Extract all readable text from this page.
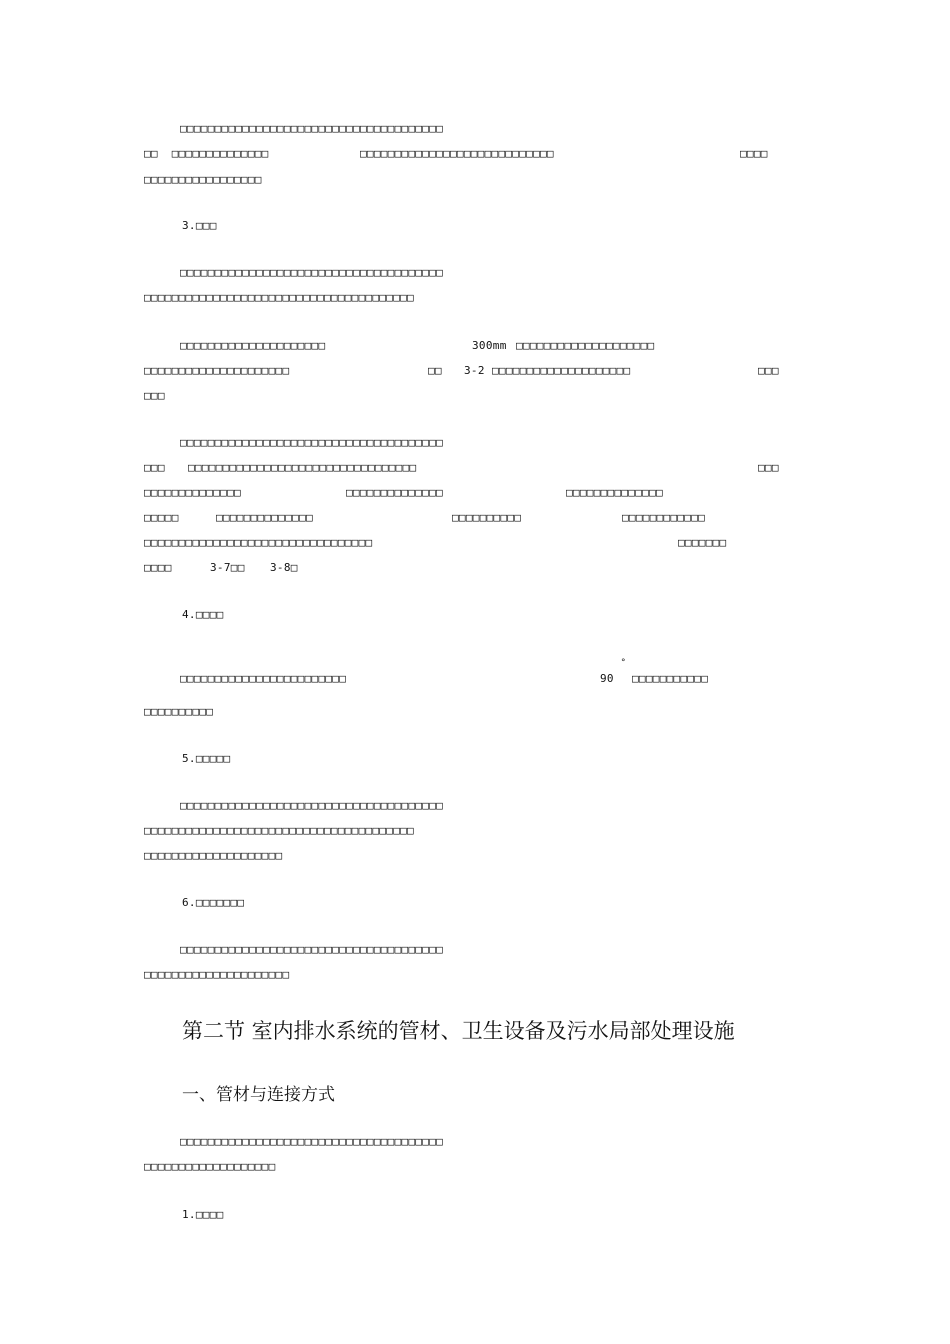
□□□□□□□□□□□□□□□□□□□□□□□□□□□□□□□□□□□□□□
□□  □□□□□□□□□□□□□□	□□□□□□□□□□□□□□□□□□□□□□□□□□□□	□□□□
□□□□□□□□□□□□□□□□□
3.□□□
□□□□□□□□□□□□□□□□□□□□□□□□□□□□□□□□□□□□□□
□□□□□□□□□□□□□□□□□□□□□□□□□□□□□□□□□□□□□□□
□□□□□□□□□□□□□□□□□□□□□	300mm □□□□□□□□□□□□□□□□□□□□
□□□□□□□□□□□□□□□□□□□□□	□□ 3-2 □□□□□□□□□□□□□□□□□□□□	□□□
□□□
□□□□□□□□□□□□□□□□□□□□□□□□□□□□□□□□□□□□□□
□□□ □□□□□□□□□□□□□□□□□□□□□□□□□□□□□□□□□	□□□
□□□□□□□□□□□□□□	□□□□□□□□□□□□□□	□□□□□□□□□□□□□□
□□□□□	□□□□□□□□□□□□□□	□□□□□□□□□□	□□□□□□□□□□□□
□□□□□□□□□□□□□□□□□□□□□□□□□□□□□□□□□	□□□□□□□
□□□□	3-7□□ 3-8□
4.□□□□
□□□□□□□□□□□□□□□□□□□□□□□□	90
°
□□□□□□□□□□□
□□□□□□□□□□
5.□□□□□
□□□□□□□□□□□□□□□□□□□□□□□□□□□□□□□□□□□□□□
□□□□□□□□□□□□□□□□□□□□□□□□□□□□□□□□□□□□□□□
□□□□□□□□□□□□□□□□□□□□
6.□□□□□□□
□□□□□□□□□□□□□□□□□□□□□□□□□□□□□□□□□□□□□□
□□□□□□□□□□□□□□□□□□□□□
第二节 室内排水系统的管材、卫生设备及污水局部处理设施
一、管材与连接方式
□□□□□□□□□□□□□□□□□□□□□□□□□□□□□□□□□□□□□□
□□□□□□□□□□□□□□□□□□□
1.□□□□
